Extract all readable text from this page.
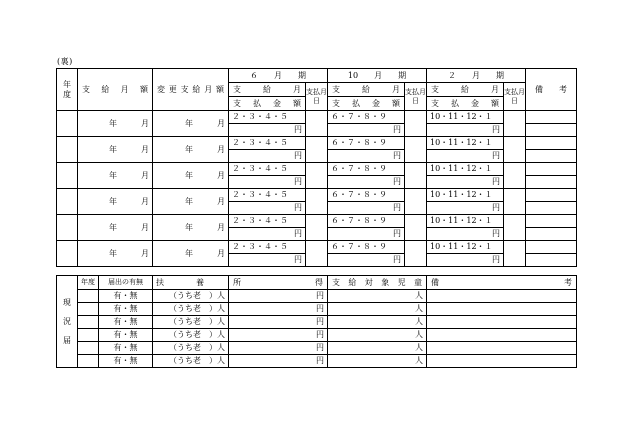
(裏)
年
度	支　給　月　額	変 更 支 給 月 額	６　　月　　期		10　　月　　期		２　　月　　期		備　　考
			支　　給　　月	支払月日	支　　給　　月	支払月日	支　　給　　月	支払月日	
			支　払　金　額		支　払　金　額		支　払　金　額		
	年　　　 月	年　　　 月	２・３・４・５		６・７・８・９		10・11・12・１		
			円		円		円		
	年　　　 月	年　　　 月	２・３・４・５		６・７・８・９		10・11・12・１		
			円		円		円		
	年　　　 月	年　　　 月	２・３・４・５		６・７・８・９		10・11・12・１		
			円		円		円		
	年　　　 月	年　　　 月	２・３・４・５		６・７・８・９		10・11・12・１		
			円		円		円		
	年　　　 月	年　　　 月	２・３・４・５		６・７・８・９		10・11・12・１		
			円		円		円		
	年　　　 月	年　　　 月	２・３・４・５		６・７・８・９		10・11・12・１		
			円		円		円		
現

況

届	年度	届出の有無	扶　　　　養	所　　　　得	支 給 対 象 児 童	備　　　　　　考
		有・無	（うち老　）人	円	人	
		有・無	（うち老　）人	円	人	
		有・無	（うち老　）人	円	人	
		有・無	（うち老　）人	円	人	
		有・無	（うち老　）人	円	人	
		有・無	（うち老　）人	円	人	
